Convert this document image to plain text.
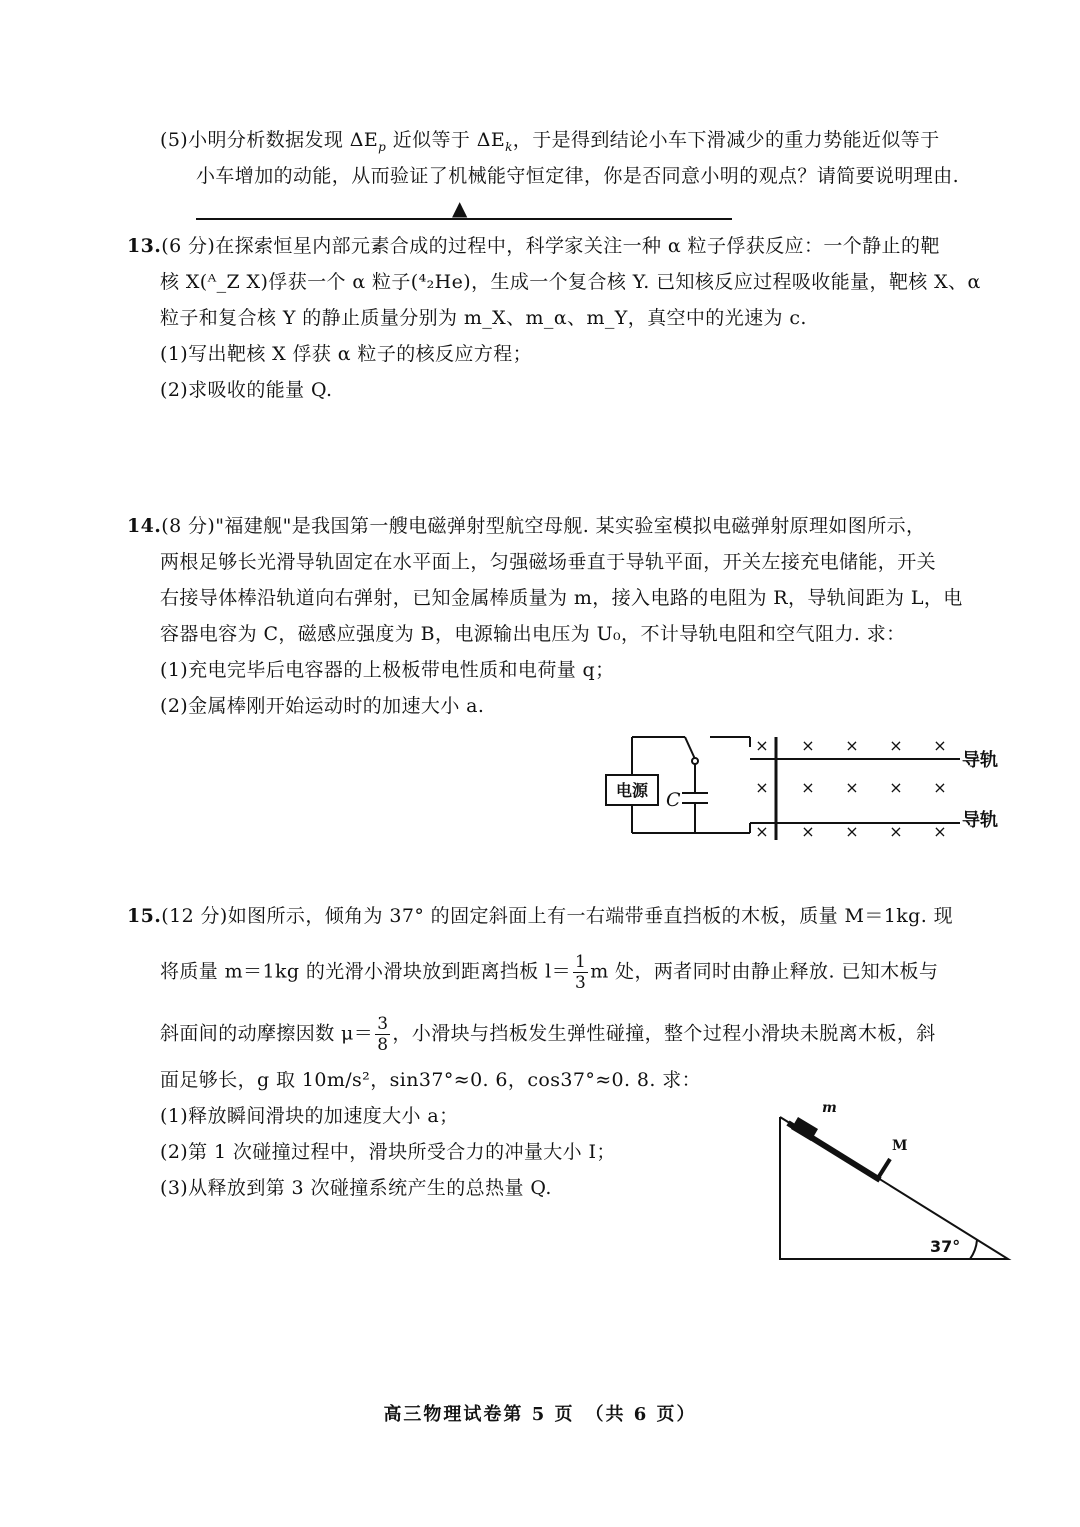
(5)小明分析数据发现 $\Delta E_p$ 近似等于 $\Delta E_k$，于是得到结论小车下滑减少的重力势能近似等于
小车增加的动能，从而验证了机械能守恒定律，你是否同意小明的观点？请简要说明理由.
▲
13.(6 分)在探索恒星内部元素合成的过程中，科学家关注一种 α 粒子俘获反应：一个静止的靶
核 X(ᴬ_Z X)俘获一个 α 粒子(⁴₂He)，生成一个复合核 Y. 已知核反应过程吸收能量，靶核 X、α
粒子和复合核 Y 的静止质量分别为 m_X、m_α、m_Y，真空中的光速为 c.
(1)写出靶核 X 俘获 α 粒子的核反应方程；
(2)求吸收的能量 Q.
14.(8 分)"福建舰"是我国第一艘电磁弹射型航空母舰. 某实验室模拟电磁弹射原理如图所示，
两根足够长光滑导轨固定在水平面上，匀强磁场垂直于导轨平面，开关左接充电储能，开关
右接导体棒沿轨道向右弹射，已知金属棒质量为 m，接入电路的电阻为 R，导轨间距为 L，电
容器电容为 C，磁感应强度为 B，电源输出电压为 U₀，不计导轨电阻和空气阻力. 求：
(1)充电完毕后电容器的上极板带电性质和电荷量 q；
(2)金属棒刚开始运动时的加速大小 a.
电源 C
导轨
导轨
× × × × ×
× × × × ×
× × × × ×
15.(12 分)如图所示，倾角为 37° 的固定斜面上有一右端带垂直挡板的木板，质量 M＝1kg. 现
将质量 m＝1kg 的光滑小滑块放到距离挡板 $l= \frac{1}{3}$ m 处，两者同时由静止释放. 已知木板与
斜面间的动摩擦因数 $\mu= \frac{3}{8}$ ，小滑块与挡板发生弹性碰撞，整个过程小滑块未脱离木板，斜
面足够长，g 取 10m/s²，sin37°≈0. 6，cos37°≈0. 8. 求：
(1)释放瞬间滑块的加速度大小 a；
(2)第 1 次碰撞过程中，滑块所受合力的冲量大小 I；
(3)从释放到第 3 次碰撞系统产生的总热量 Q.
m
M
37°
高三物理试卷第 5 页　（共 6 页）
